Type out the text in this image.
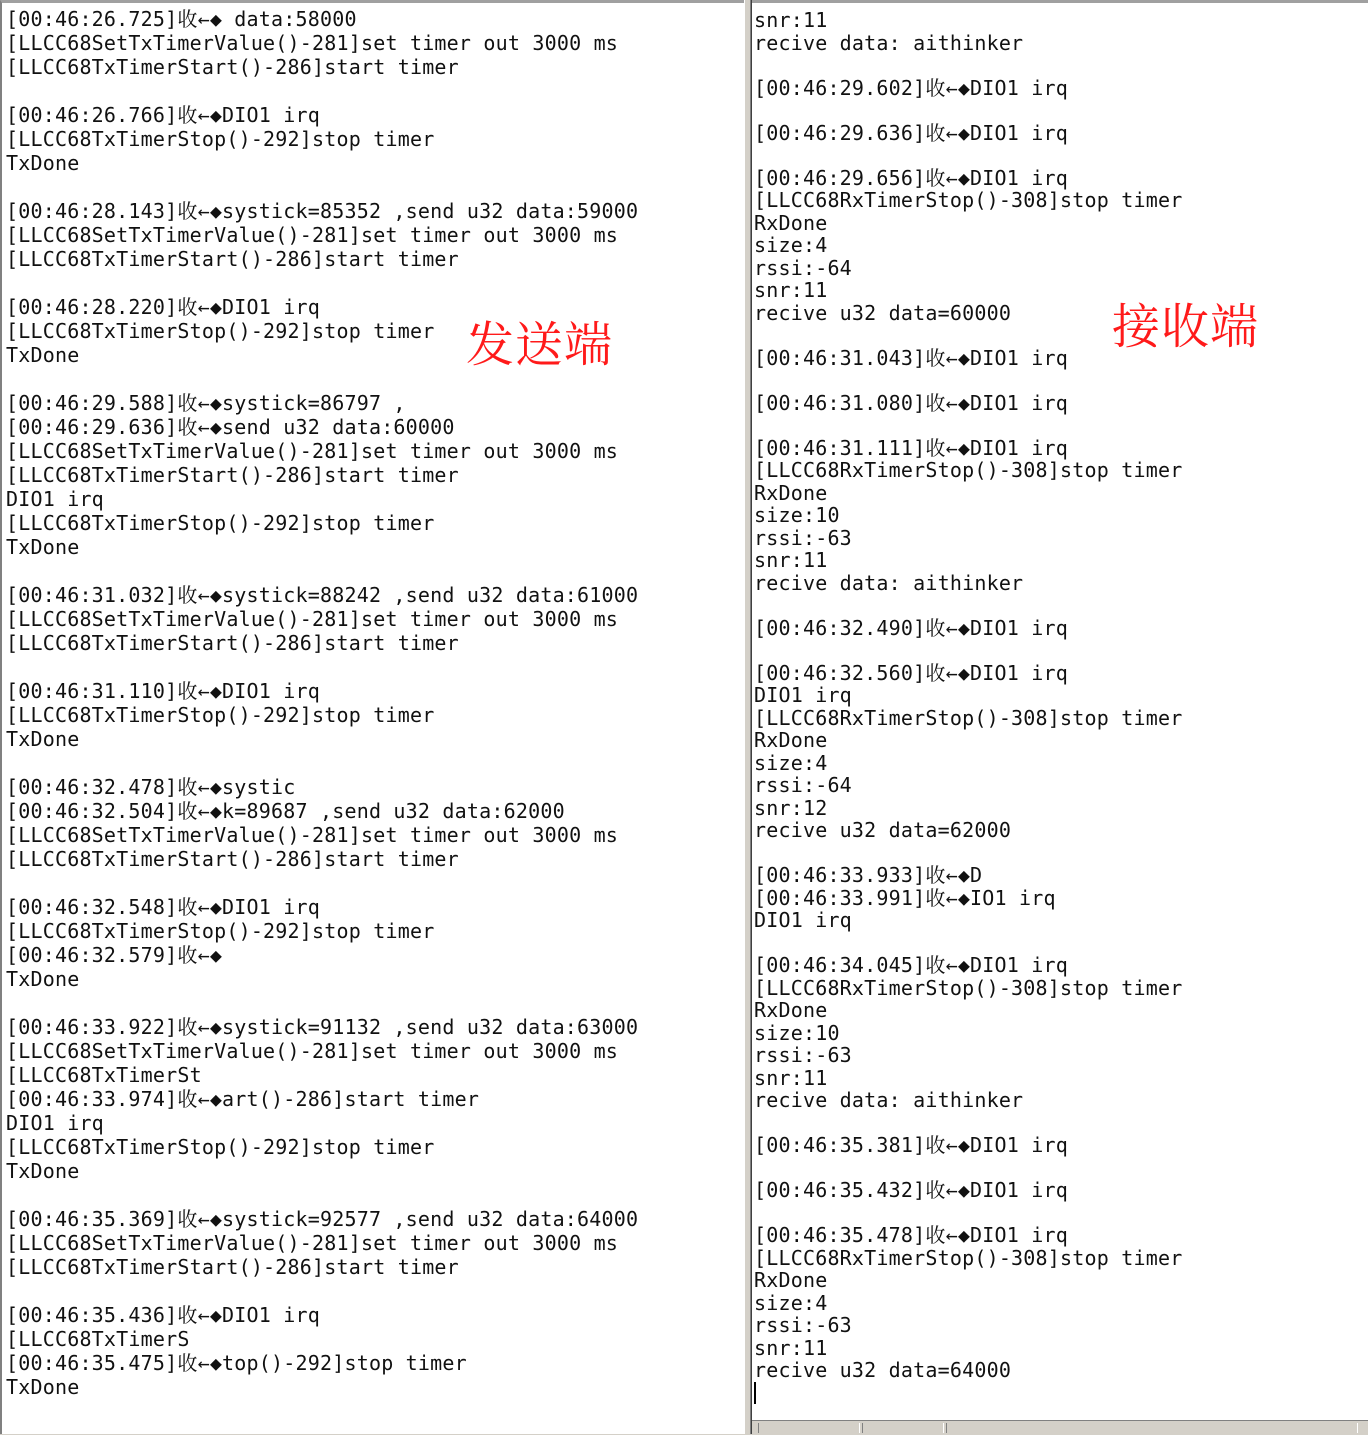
[00:46:26.725]收←◆ data:58000
[LLCC68SetTxTimerValue()-281]set timer out 3000 ms
[LLCC68TxTimerStart()-286]start timer
[00:46:26.766]收←◆DIO1 irq
[LLCC68TxTimerStop()-292]stop timer
TxDone
[00:46:28.143]收←◆systick=85352 ,send u32 data:59000
[LLCC68SetTxTimerValue()-281]set timer out 3000 ms
[LLCC68TxTimerStart()-286]start timer
[00:46:28.220]收←◆DIO1 irq
[LLCC68TxTimerStop()-292]stop timer
TxDone
[00:46:29.588]收←◆systick=86797 ,
[00:46:29.636]收←◆send u32 data:60000
[LLCC68SetTxTimerValue()-281]set timer out 3000 ms
[LLCC68TxTimerStart()-286]start timer
DIO1 irq
[LLCC68TxTimerStop()-292]stop timer
TxDone
[00:46:31.032]收←◆systick=88242 ,send u32 data:61000
[LLCC68SetTxTimerValue()-281]set timer out 3000 ms
[LLCC68TxTimerStart()-286]start timer
[00:46:31.110]收←◆DIO1 irq
[LLCC68TxTimerStop()-292]stop timer
TxDone
[00:46:32.478]收←◆systic
[00:46:32.504]收←◆k=89687 ,send u32 data:62000
[LLCC68SetTxTimerValue()-281]set timer out 3000 ms
[LLCC68TxTimerStart()-286]start timer
[00:46:32.548]收←◆DIO1 irq
[LLCC68TxTimerStop()-292]stop timer
[00:46:32.579]收←◆
TxDone
[00:46:33.922]收←◆systick=91132 ,send u32 data:63000
[LLCC68SetTxTimerValue()-281]set timer out 3000 ms
[LLCC68TxTimerSt
[00:46:33.974]收←◆art()-286]start timer
DIO1 irq
[LLCC68TxTimerStop()-292]stop timer
TxDone
[00:46:35.369]收←◆systick=92577 ,send u32 data:64000
[LLCC68SetTxTimerValue()-281]set timer out 3000 ms
[LLCC68TxTimerStart()-286]start timer
[00:46:35.436]收←◆DIO1 irq
[LLCC68TxTimerS
[00:46:35.475]收←◆top()-292]stop timer
TxDone
snr:11
recive data: aithinker
[00:46:29.602]收←◆DIO1 irq
[00:46:29.636]收←◆DIO1 irq
[00:46:29.656]收←◆DIO1 irq
[LLCC68RxTimerStop()-308]stop timer
RxDone
size:4
rssi:-64
snr:11
recive u32 data=60000
[00:46:31.043]收←◆DIO1 irq
[00:46:31.080]收←◆DIO1 irq
[00:46:31.111]收←◆DIO1 irq
[LLCC68RxTimerStop()-308]stop timer
RxDone
size:10
rssi:-63
snr:11
recive data: aithinker
[00:46:32.490]收←◆DIO1 irq
[00:46:32.560]收←◆DIO1 irq
DIO1 irq
[LLCC68RxTimerStop()-308]stop timer
RxDone
size:4
rssi:-64
snr:12
recive u32 data=62000
[00:46:33.933]收←◆D
[00:46:33.991]收←◆IO1 irq
DIO1 irq
[00:46:34.045]收←◆DIO1 irq
[LLCC68RxTimerStop()-308]stop timer
RxDone
size:10
rssi:-63
snr:11
recive data: aithinker
[00:46:35.381]收←◆DIO1 irq
[00:46:35.432]收←◆DIO1 irq
[00:46:35.478]收←◆DIO1 irq
[LLCC68RxTimerStop()-308]stop timer
RxDone
size:4
rssi:-63
snr:11
recive u32 data=64000
发送端	接收端
